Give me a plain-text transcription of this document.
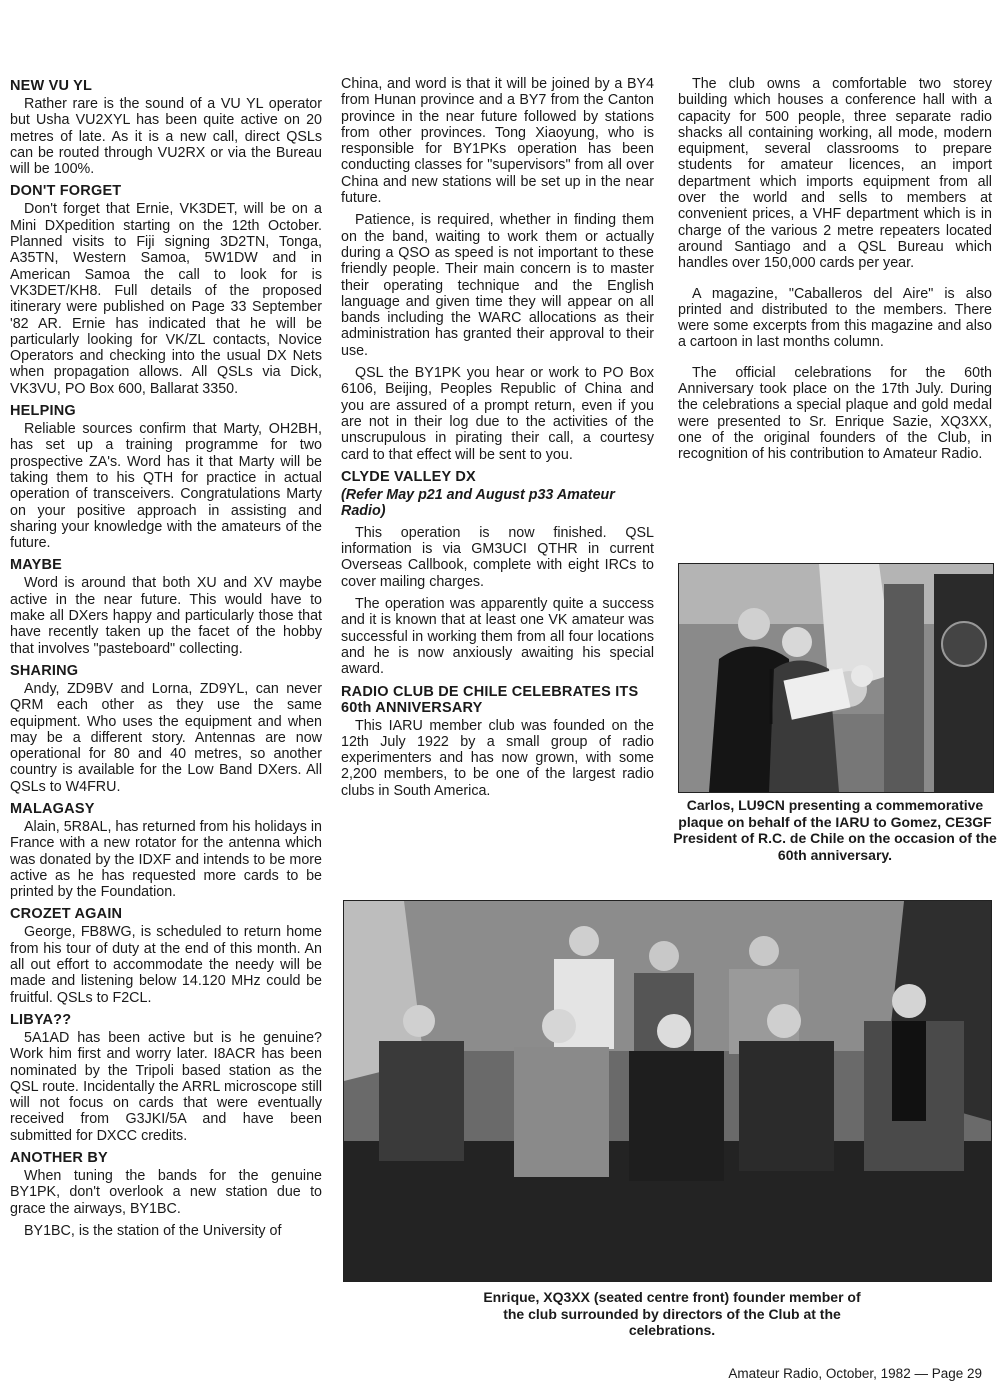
NEW VU YL

Rather rare is the sound of a VU YL operator but Usha VU2XYL has been quite active on 20 metres of late. As it is a new call, direct QSLs can be routed through VU2RX or via the Bureau will be 100%.

DON'T FORGET

Don't forget that Ernie, VK3DET, will be on a Mini DXpedition starting on the 12th October. Planned visits to Fiji signing 3D2TN, Tonga, A35TN, Western Samoa, 5W1DW and in American Samoa the call to look for is VK3DET/KH8. Full details of the proposed itinerary were published on Page 33 September '82 AR. Ernie has indicated that he will be particularly looking for VK/ZL contacts, Novice Operators and checking into the usual DX Nets when propagation allows. All QSLs via Dick, VK3VU, PO Box 600, Ballarat 3350.

HELPING

Reliable sources confirm that Marty, OH2BH, has set up a training programme for two prospective ZA's. Word has it that Marty will be taking them to his QTH for practice in actual operation of transceivers. Congratulations Marty on your positive approach in assisting and sharing your knowledge with the amateurs of the future.

MAYBE

Word is around that both XU and XV maybe active in the near future. This would have to make all DXers happy and particularly those that have recently taken up the facet of the hobby that involves "pasteboard" collecting.

SHARING

Andy, ZD9BV and Lorna, ZD9YL, can never QRM each other as they use the same equipment. Who uses the equipment and when may be a different story. Antennas are now operational for 80 and 40 metres, so another country is available for the Low Band DXers. All QSLs to W4FRU.

MALAGASY

Alain, 5R8AL, has returned from his holidays in France with a new rotator for the antenna which was donated by the IDXF and intends to be more active as he has requested more cards to be printed by the Foundation.

CROZET AGAIN

George, FB8WG, is scheduled to return home from his tour of duty at the end of this month. An all out effort to accommodate the needy will be made and listening below 14.120 MHz could be fruitful. QSLs to F2CL.

LIBYA??

5A1AD has been active but is he genuine? Work him first and worry later. I8ACR has been nominated by the Tripoli based station as the QSL route. Incidentally the ARRL microscope still will not focus on cards that were eventually received from G3JKI/5A and have been submitted for DXCC credits.

ANOTHER BY

When tuning the bands for the genuine BY1PK, don't overlook a new station due to grace the airways, BY1BC.

BY1BC, is the station of the University of

China, and word is that it will be joined by a BY4 from Hunan province and a BY7 from the Canton province in the near future followed by stations from other provinces. Tong Xiaoyung, who is responsible for BY1PKs operation has been conducting classes for "supervisors" from all over China and new stations will be set up in the near future.

Patience, is required, whether in finding them on the band, waiting to work them or actually during a QSO as speed is not important to these friendly people. Their main concern is to master their operating technique and the English language and given time they will appear on all bands including the WARC allocations as their administration has granted their approval to their use.

QSL the BY1PK you hear or work to PO Box 6106, Beijing, Peoples Republic of China and you are assured of a prompt return, even if you are not in their log due to the activities of the unscrupulous in pirating their call, a courtesy card to that effect will be sent to you.

CLYDE VALLEY DX
(Refer May p21 and August p33 Amateur Radio)

This operation is now finished. QSL information is via GM3UCI QTHR in current Overseas Callbook, complete with eight IRCs to cover mailing charges.

The operation was apparently quite a success and it is known that at least one VK amateur was successful in working them from all four locations and he is now anxiously awaiting his special award.

RADIO CLUB DE CHILE CELEBRATES ITS 60th ANNIVERSARY

This IARU member club was founded on the 12th July 1922 by a small group of radio experimenters and has now grown, with some 2,200 members, to be one of the largest radio clubs in South America.

The club owns a comfortable two storey building which houses a conference hall with a capacity for 500 people, three separate radio shacks all containing working, all mode, modern equipment, several classrooms to prepare students for amateur licences, an import department which imports equipment from all over the world and sells to members at convenient prices, a VHF department which is in charge of the various 2 metre repeaters located around Santiago and a QSL Bureau which handles over 150,000 cards per year.

A magazine, "Caballeros del Aire" is also printed and distributed to the members. There were some excerpts from this magazine and also a cartoon in last months column.

The official celebrations for the 60th Anniversary took place on the 17th July. During the celebrations a special plaque and gold medal were presented to Sr. Enrique Sazie, XQ3XX, one of the original founders of the Club, in recognition of his contribution to Amateur Radio.

Carlos, LU9CN presenting a commemorative plaque on behalf of the IARU to Gomez, CE3GF President of R.C. de Chile on the occasion of the 60th anniversary.
Enrique, XQ3XX (seated centre front) founder member of the club surrounded by directors of the Club at the celebrations.
Amateur Radio, October, 1982 — Page 29
